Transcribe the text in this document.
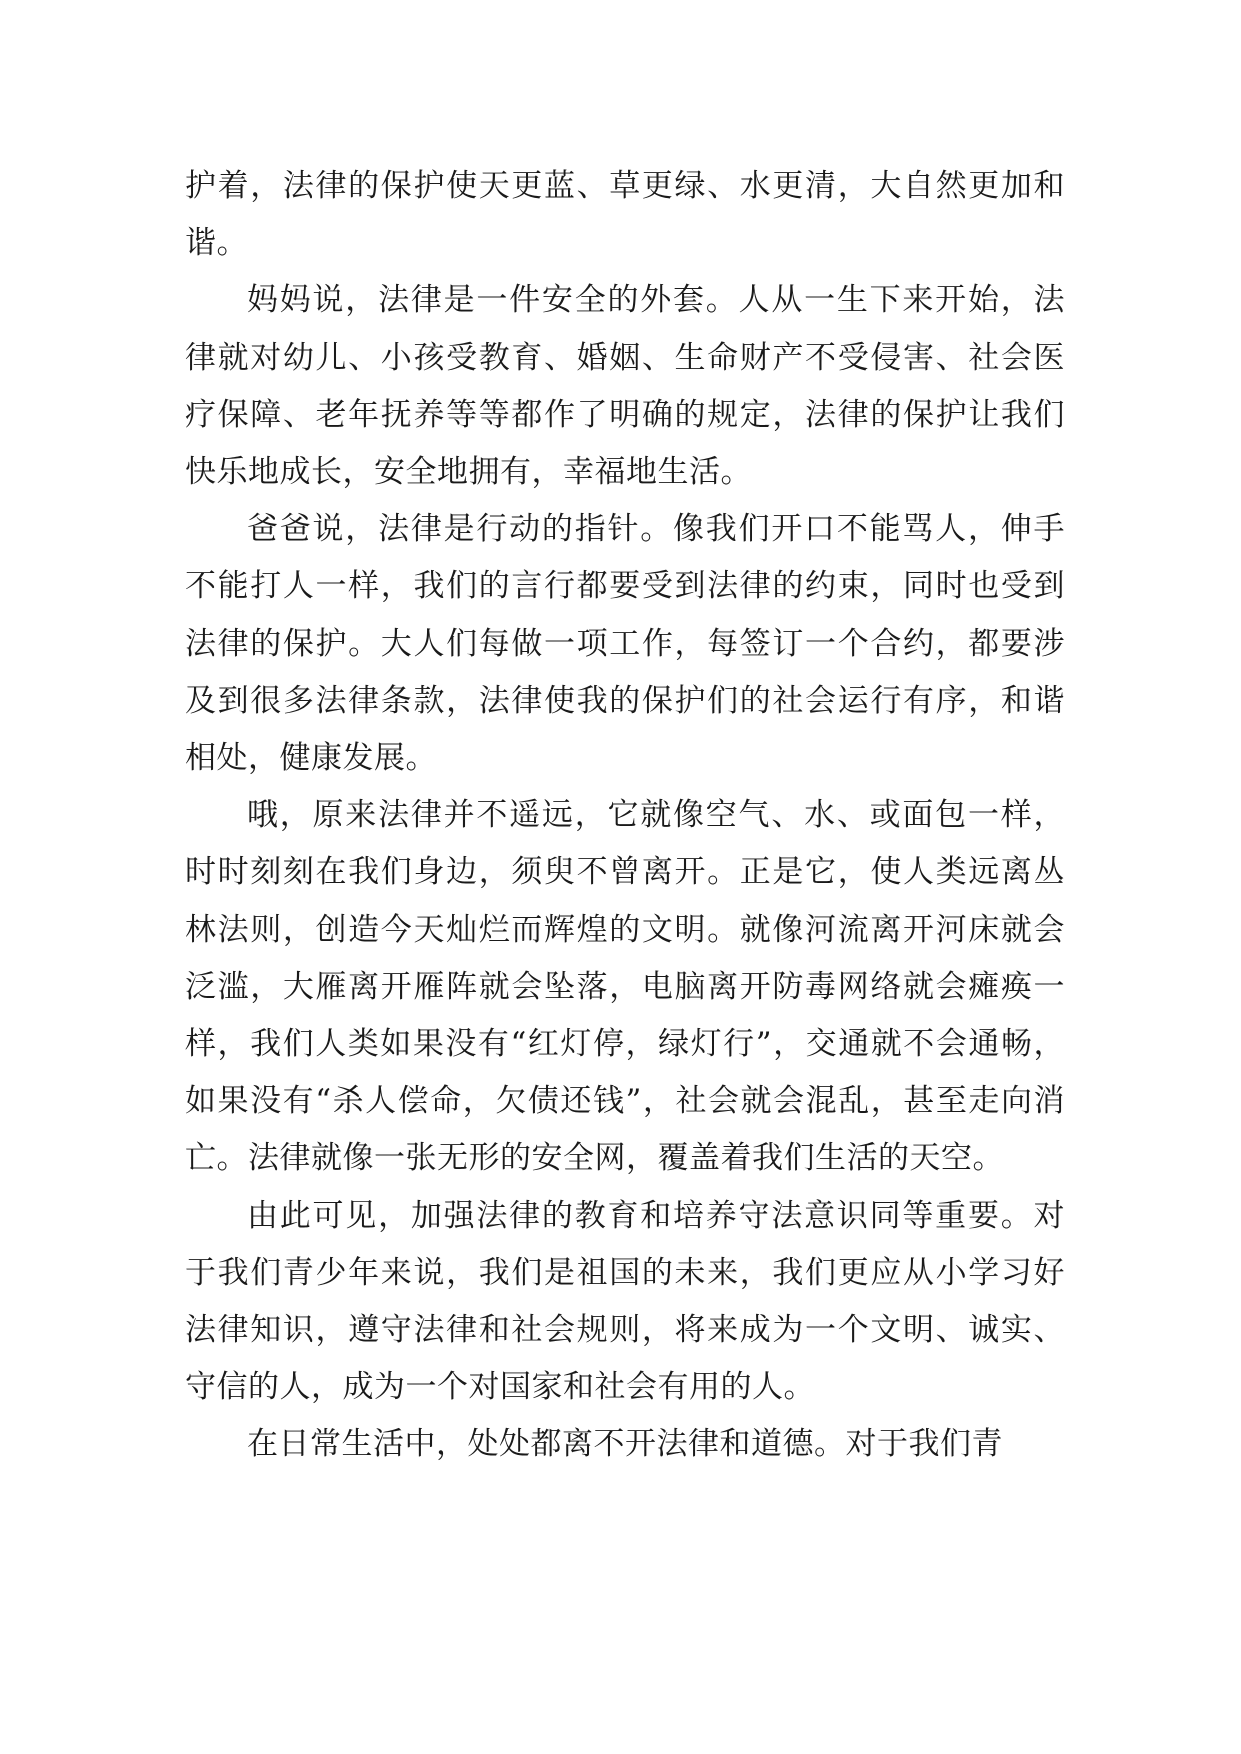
护着，法律的保护使天更蓝、草更绿、水更清，大自然更加和谐。

妈妈说，法律是一件安全的外套。人从一生下来开始，法律就对幼儿、小孩受教育、婚姻、生命财产不受侵害、社会医疗保障、老年抚养等等都作了明确的规定，法律的保护让我们快乐地成长，安全地拥有，幸福地生活。

爸爸说，法律是行动的指针。像我们开口不能骂人，伸手不能打人一样，我们的言行都要受到法律的约束，同时也受到法律的保护。大人们每做一项工作，每签订一个合约，都要涉及到很多法律条款，法律使我的保护们的社会运行有序，和谐相处，健康发展。

哦，原来法律并不遥远，它就像空气、水、或面包一样，时时刻刻在我们身边，须臾不曾离开。正是它，使人类远离丛林法则，创造今天灿烂而辉煌的文明。就像河流离开河床就会泛滥，大雁离开雁阵就会坠落，电脑离开防毒网络就会瘫痪一样，我们人类如果没有“红灯停，绿灯行”，交通就不会通畅，如果没有“杀人偿命，欠债还钱”，社会就会混乱，甚至走向消亡。法律就像一张无形的安全网，覆盖着我们生活的天空。

由此可见，加强法律的教育和培养守法意识同等重要。对于我们青少年来说，我们是祖国的未来，我们更应从小学习好法律知识，遵守法律和社会规则，将来成为一个文明、诚实、守信的人，成为一个对国家和社会有用的人。

在日常生活中，处处都离不开法律和道德。对于我们青
